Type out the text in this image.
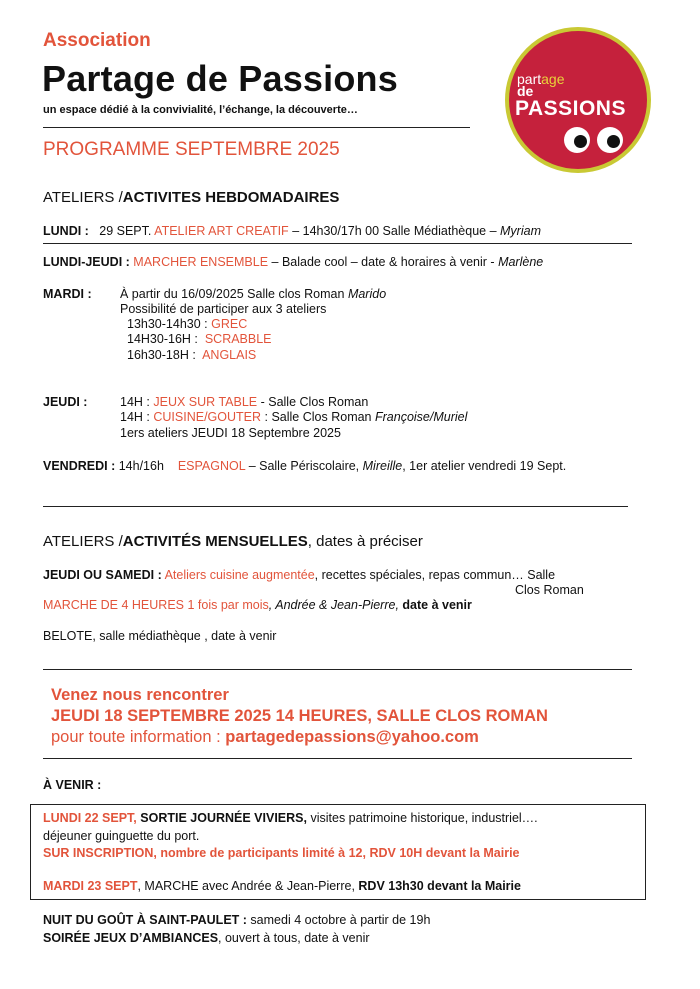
Association
Partage de Passions
un espace dédié à la convivialité, l’échange, la découverte…
PROGRAMME SEPTEMBRE 2025
partage
de
PASSIONS
ATELIERS /ACTIVITES HEBDOMADAIRES
LUNDI : 29 SEPT. ATELIER ART CREATIF – 14h30/17h 00 Salle Médiathèque – Myriam
LUNDI-JEUDI : MARCHER ENSEMBLE – Balade cool – date & horaires à venir - Marlène
MARDI : À partir du 16/09/2025 Salle clos Roman Marido
Possibilité de participer aux 3 ateliers
13h30-14h30 : GREC
14H30-16H : SCRABBLE
16h30-18H : ANGLAIS
JEUDI :	14H : JEUX SUR TABLE - Salle Clos Roman
14H : CUISINE/GOUTER : Salle Clos Roman Françoise/Muriel
1ers ateliers JEUDI 18 Septembre 2025
VENDREDI : 14h/16h ESPAGNOL – Salle Périscolaire, Mireille, 1er atelier vendredi 19 Sept.
ATELIERS /ACTIVITÉS MENSUELLES, dates à préciser
JEUDI OU SAMEDI : Ateliers cuisine augmentée, recettes spéciales, repas commun… Salle
Clos Roman
MARCHE DE 4 HEURES 1 fois par mois, Andrée & Jean-Pierre, date à venir
BELOTE, salle médiathèque , date à venir
Venez nous rencontrer
JEUDI 18 SEPTEMBRE 2025 14 HEURES, SALLE CLOS ROMAN
pour toute information : partagedepassions@yahoo.com
À VENIR :
LUNDI 22 SEPT, SORTIE JOURNÉE VIVIERS, visites patrimoine historique, industriel….
déjeuner guinguette du port.
SUR INSCRIPTION, nombre de participants limité à 12, RDV 10H devant la Mairie
MARDI 23 SEPT, MARCHE avec Andrée & Jean-Pierre, RDV 13h30 devant la Mairie
NUIT DU GOÛT À SAINT-PAULET : samedi 4 octobre à partir de 19h
SOIRÉE JEUX D’AMBIANCES, ouvert à tous, date à venir
